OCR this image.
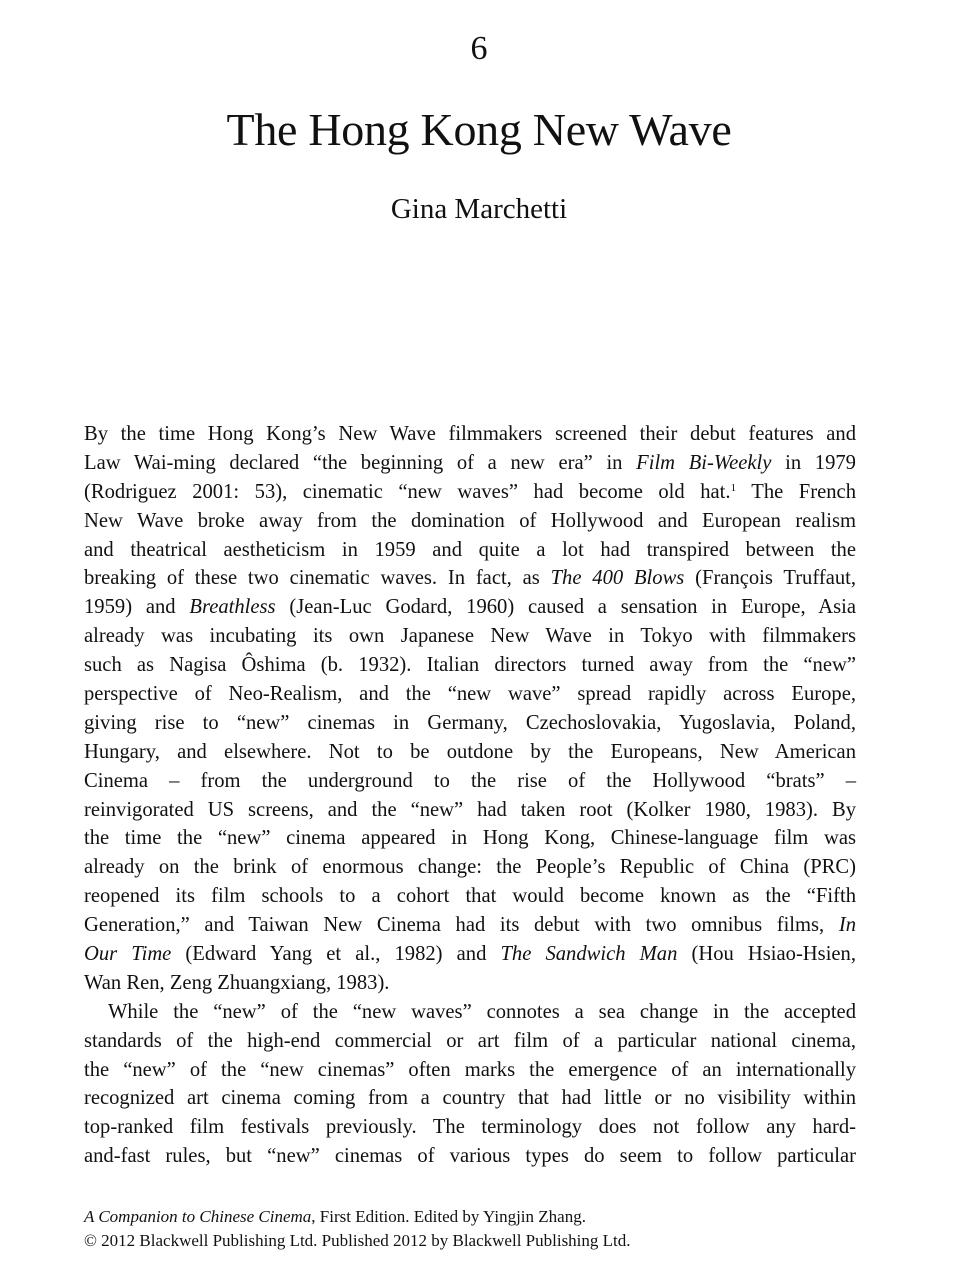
6
The Hong Kong New Wave
Gina Marchetti
By the time Hong Kong’s New Wave filmmakers screened their debut features and
Law Wai-ming declared “the beginning of a new era” in Film Bi-Weekly in 1979
(Rodriguez 2001: 53), cinematic “new waves” had become old hat.$^1$ The French
New Wave broke away from the domination of Hollywood and European realism
and theatrical aestheticism in 1959 and quite a lot had transpired between the
breaking of these two cinematic waves. In fact, as The 400 Blows (François Truffaut,
1959) and Breathless (Jean-Luc Godard, 1960) caused a sensation in Europe, Asia
already was incubating its own Japanese New Wave in Tokyo with filmmakers
such as Nagisa Ôshima (b. 1932). Italian directors turned away from the “new”
perspective of Neo-Realism, and the “new wave” spread rapidly across Europe,
giving rise to “new” cinemas in Germany, Czechoslovakia, Yugoslavia, Poland,
Hungary, and elsewhere. Not to be outdone by the Europeans, New American
Cinema – from the underground to the rise of the Hollywood “brats” –
reinvigorated US screens, and the “new” had taken root (Kolker 1980, 1983). By
the time the “new” cinema appeared in Hong Kong, Chinese-language film was
already on the brink of enormous change: the People’s Republic of China (PRC)
reopened its film schools to a cohort that would become known as the “Fifth
Generation,” and Taiwan New Cinema had its debut with two omnibus films, In
Our Time (Edward Yang et al., 1982) and The Sandwich Man (Hou Hsiao-Hsien,
Wan Ren, Zeng Zhuangxiang, 1983).
While the “new” of the “new waves” connotes a sea change in the accepted
standards of the high-end commercial or art film of a particular national cinema,
the “new” of the “new cinemas” often marks the emergence of an internationally
recognized art cinema coming from a country that had little or no visibility within
top-ranked film festivals previously. The terminology does not follow any hard-
and-fast rules, but “new” cinemas of various types do seem to follow particular
A Companion to Chinese Cinema, First Edition. Edited by Yingjin Zhang.
© 2012 Blackwell Publishing Ltd. Published 2012 by Blackwell Publishing Ltd.
